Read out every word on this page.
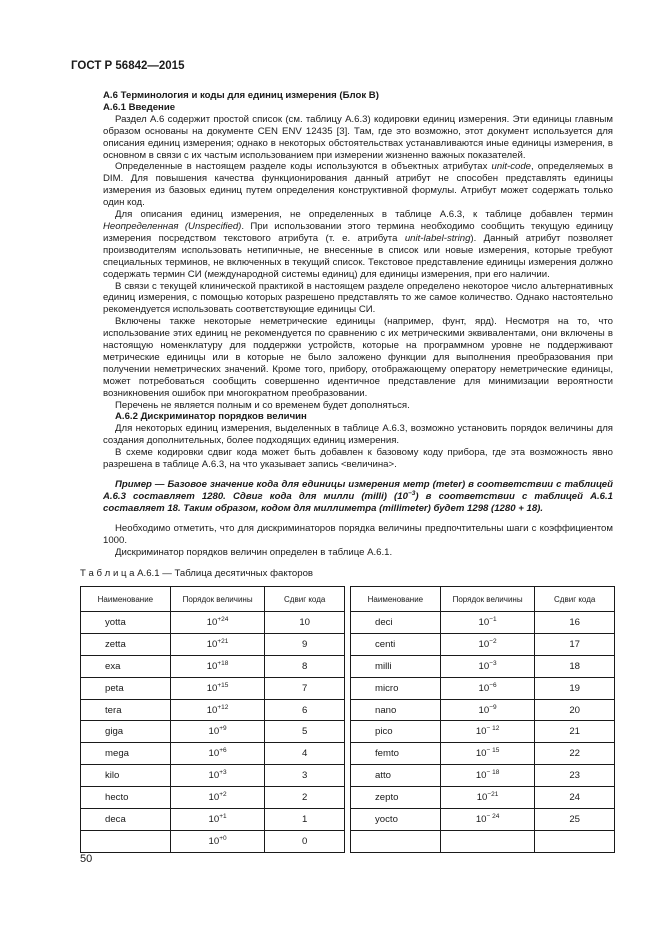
ГОСТ Р 56842—2015

A.6 Терминология и коды для единиц измерения (Блок B)

A.6.1 Введение

Раздел A.6 содержит простой список (см. таблицу A.6.3) кодировки единиц измерения. Эти единицы главным образом основаны на документе CEN ENV 12435 [3]. Там, где это возможно, этот документ используется для описания единиц измерения; однако в некоторых обстоятельствах устанавливаются иные единицы измерения, в основном в связи с их частым использованием при измерении жизненно важных показателей.

Определенные в настоящем разделе коды используются в объектных атрибутах unit-code, определяемых в DIM. Для повышения качества функционирования данный атрибут не способен представлять единицы измерения из базовых единиц путем определения конструктивной формулы. Атрибут может содержать только один код.

Для описания единиц измерения, не определенных в таблице A.6.3, к таблице добавлен термин Неопределенная (Unspecified). При использовании этого термина необходимо сообщить текущую единицу измерения посредством текстового атрибута (т. е. атрибута unit-label-string). Данный атрибут позволяет производителям использовать нетипичные, не внесенные в список или новые измерения, которые требуют специальных терминов, не включенных в текущий список. Текстовое представление единицы измерения должно содержать термин СИ (международной системы единиц) для единицы измерения, при его наличии.

В связи с текущей клинической практикой в настоящем разделе определено некоторое число альтернативных единиц измерения, с помощью которых разрешено представлять то же самое количество. Однако настоятельно рекомендуется использовать соответствующие единицы СИ.

Включены также некоторые неметрические единицы (например, фунт, ярд). Несмотря на то, что использование этих единиц не рекомендуется по сравнению с их метрическими эквивалентами, они включены в настоящую номенклатуру для поддержки устройств, которые на программном уровне не поддерживают метрические единицы или в которые не было заложено функции для выполнения преобразования при получении неметрических значений. Кроме того, прибору, отображающему оператору неметрические единицы, может потребоваться сообщить совершенно идентичное представление для минимизации вероятности возникновения ошибок при многократном преобразовании.

Перечень не является полным и со временем будет дополняться.

A.6.2 Дискриминатор порядков величин

Для некоторых единиц измерения, выделенных в таблице A.6.3, возможно установить порядок величины для создания дополнительных, более подходящих единиц измерения.

В схеме кодировки сдвиг кода может быть добавлен к базовому коду прибора, где эта возможность явно разрешена в таблице A.6.3, на что указывает запись <величина>.

Пример — Базовое значение кода для единицы измерения метр (meter) в соответствии с таблицей A.6.3 составляет 1280. Сдвиг кода для милли (milli) $(10^{-3})$ в соответствии с таблицей A.6.1 составляет 18. Таким образом, кодом для миллиметра (millimeter) будет 1298 (1280 + 18).

Необходимо отметить, что для дискриминаторов порядка величины предпочтительны шаги с коэффициентом 1000.

Дискриминатор порядков величин определен в таблице A.6.1.

Т а б л и ц а A.6.1 — Таблица десятичных факторов

Наименование	Порядок величины	Сдвиг кода
yotta	$10^{+24}$	10
zetta	$10^{+21}$	9
exa	$10^{+18}$	8
peta	$10^{+15}$	7
tera	$10^{+12}$	6
giga	$10^{+9}$	5
mega	$10^{+6}$	4
kilo	$10^{+3}$	3
hecto	$10^{+2}$	2
deca	$10^{+1}$	1
	$10^{+0}$	0
Наименование	Порядок величины	Сдвиг кода
deci	$10^{-1}$	16
centi	$10^{-2}$	17
milli	$10^{-3}$	18
micro	$10^{-6}$	19
nano	$10^{-9}$	20
pico	$10^{- 12}$	21
femto	$10^{- 15}$	22
atto	$10^{- 18}$	23
zepto	$10^{-21}$	24
yocto	$10^{- 24}$	25

50
